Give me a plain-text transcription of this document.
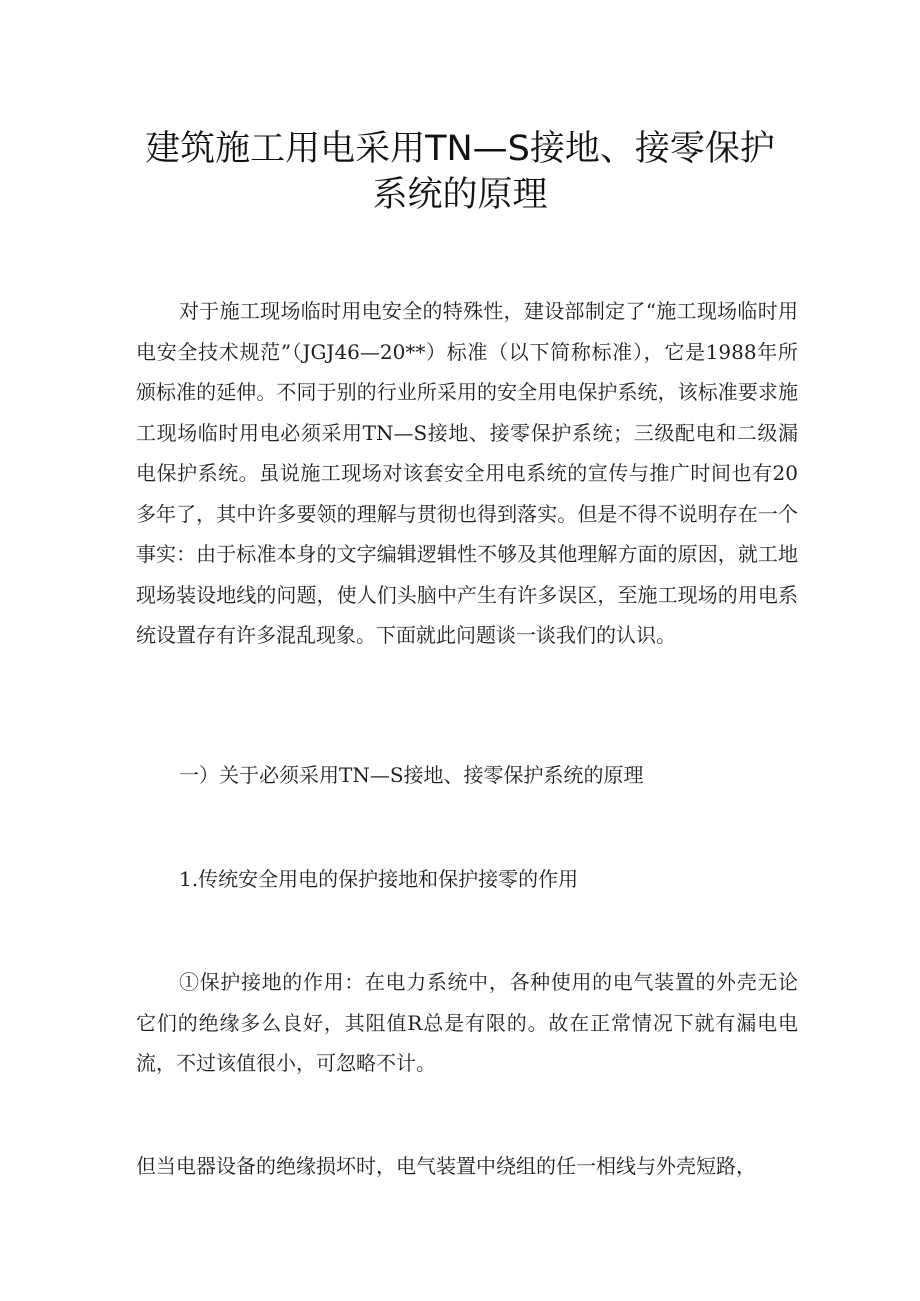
建筑施工用电采用TN—S接地、接零保护
系统的原理

对于施工现场临时用电安全的特殊性，建设部制定了“施工现场临时用电安全技术规范”（JGJ46—20**）标准（以下简称标准），它是1988年所颁标准的延伸。不同于别的行业所采用的安全用电保护系统，该标准要求施工现场临时用电必须采用TN—S接地、接零保护系统；三级配电和二级漏电保护系统。虽说施工现场对该套安全用电系统的宣传与推广时间也有20多年了，其中许多要领的理解与贯彻也得到落实。但是不得不说明存在一个事实：由于标准本身的文字编辑逻辑性不够及其他理解方面的原因，就工地现场装设地线的问题，使人们头脑中产生有许多误区，至施工现场的用电系统设置存有许多混乱现象。下面就此问题谈一谈我们的认识。

一）关于必须采用TN—S接地、接零保护系统的原理

1.传统安全用电的保护接地和保护接零的作用

①保护接地的作用：在电力系统中，各种使用的电气装置的外壳无论它们的绝缘多么良好，其阻值R总是有限的。故在正常情况下就有漏电电流，不过该值很小，可忽略不计。

但当电器设备的绝缘损坏时，电气装置中绕组的任一相线与外壳短路，
